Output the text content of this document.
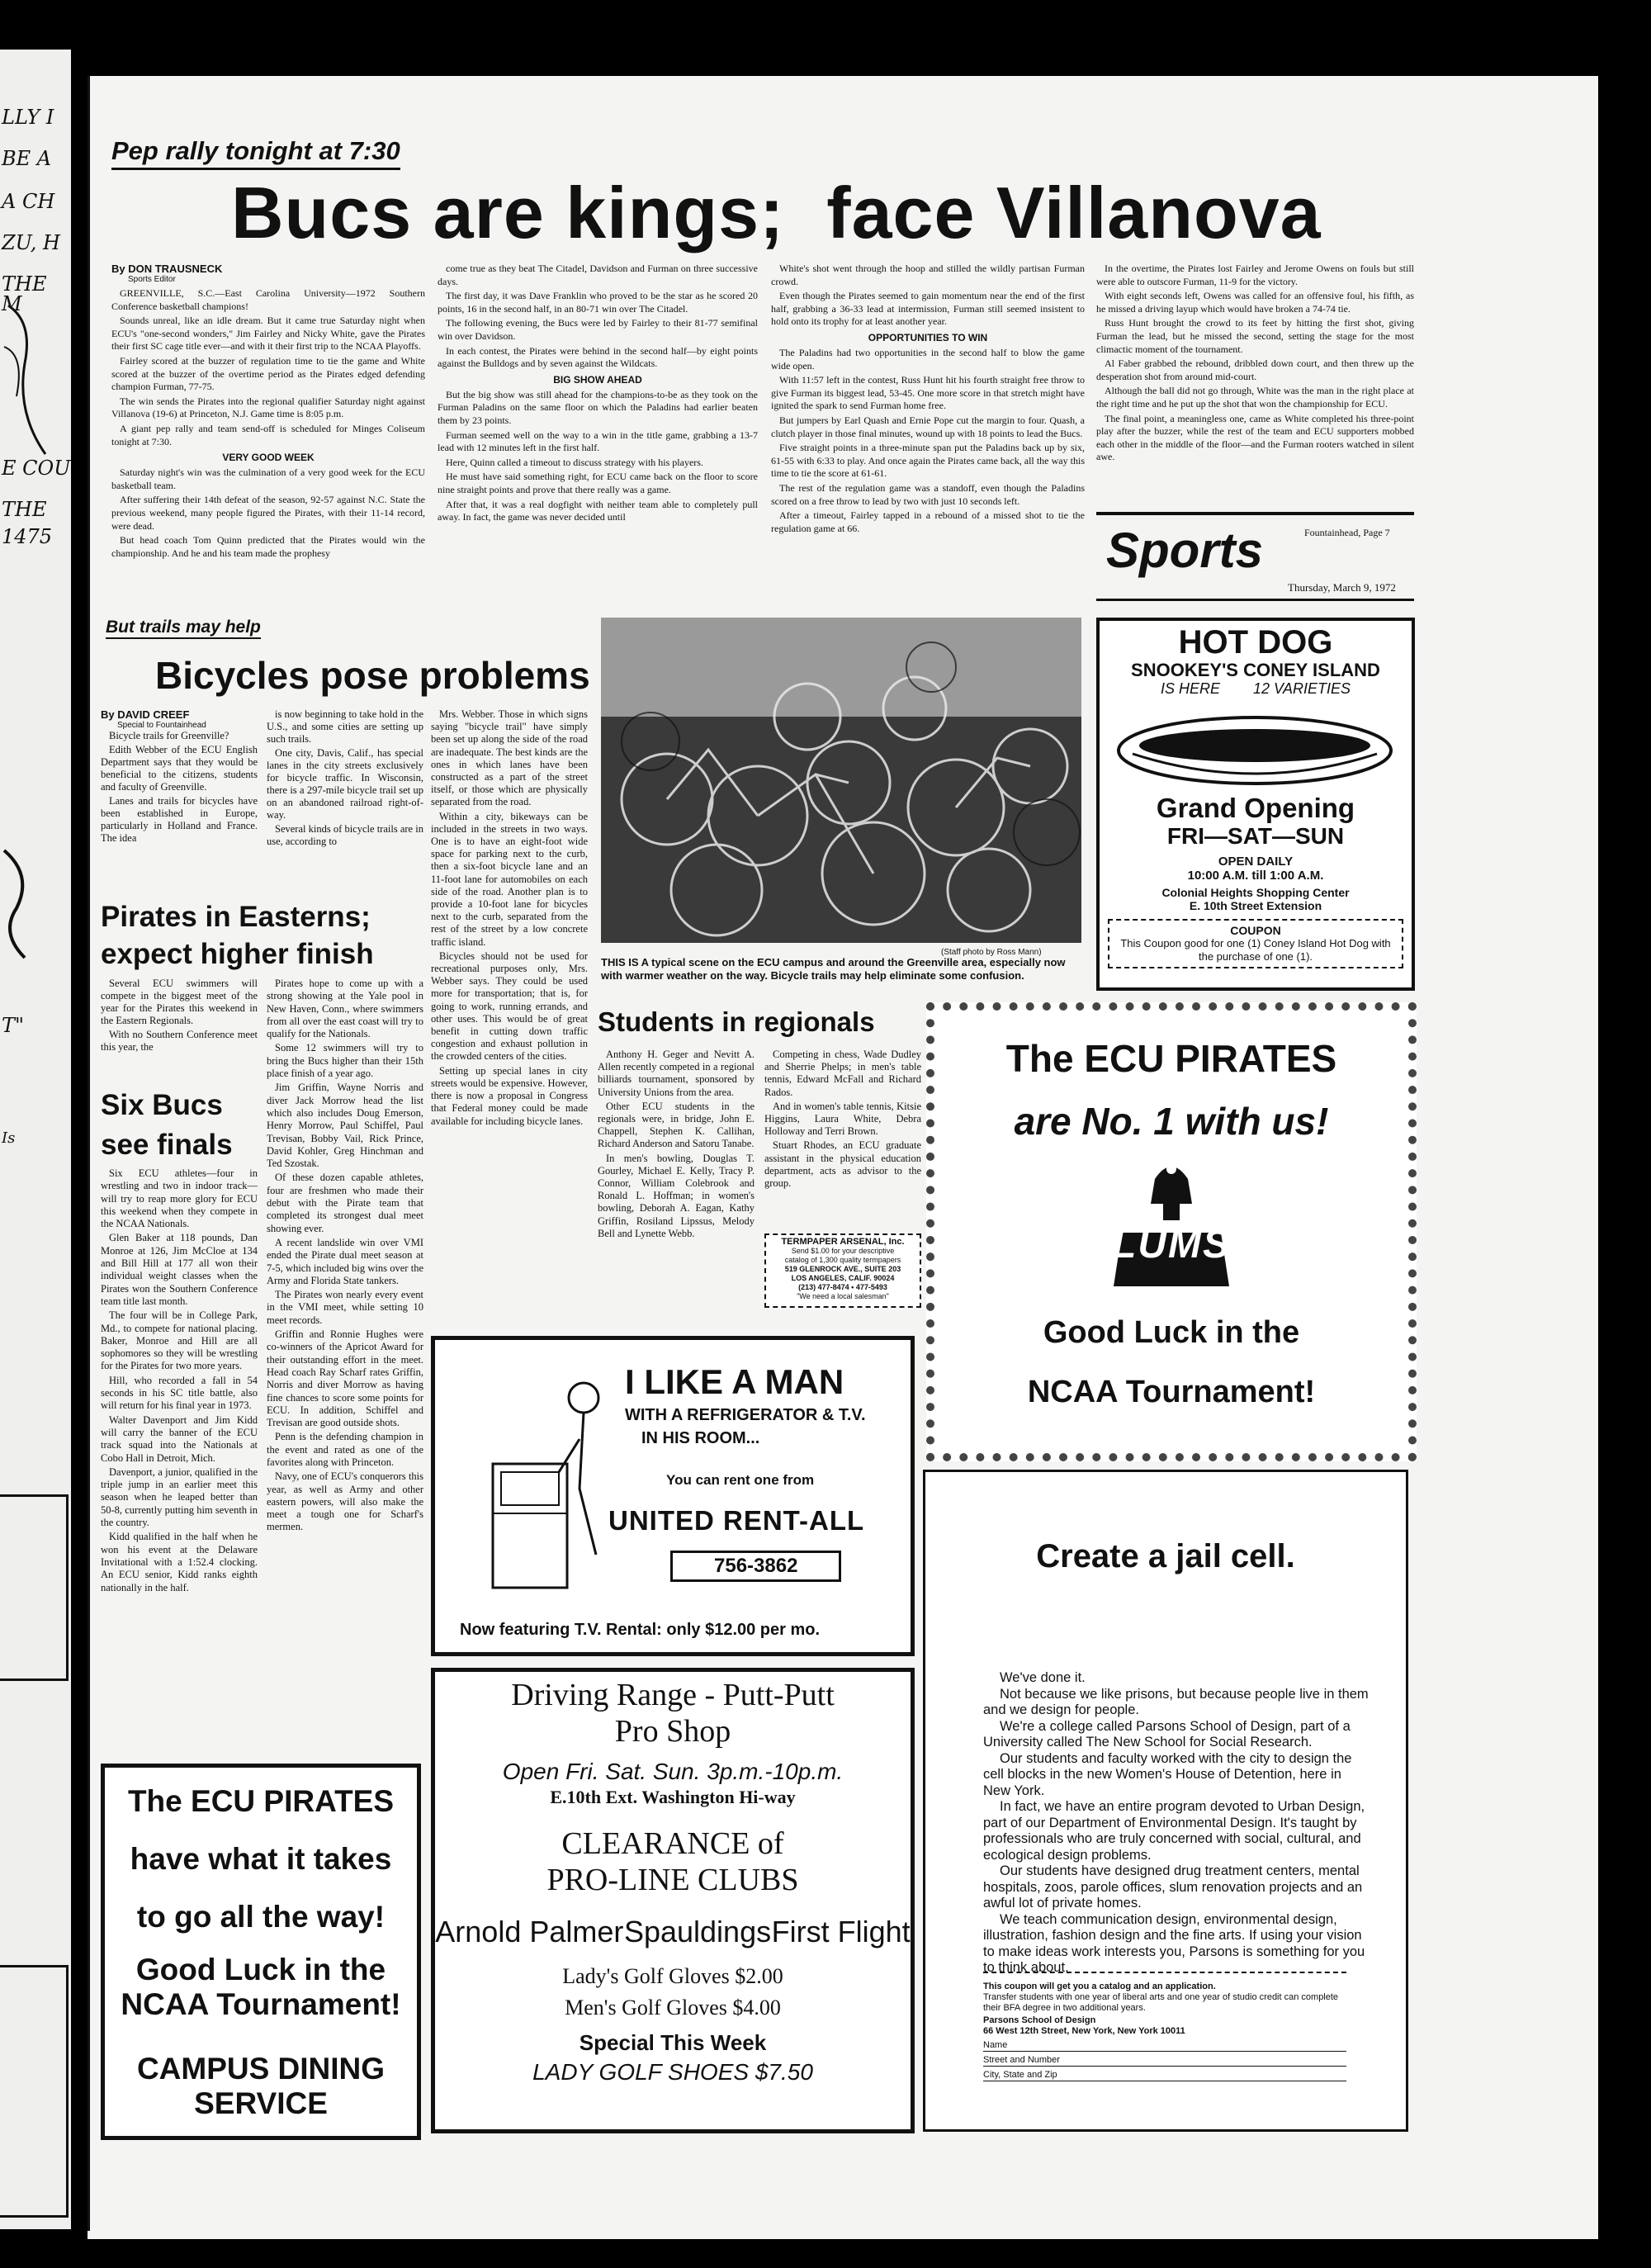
LLY I
BE A
A CH
ZU, H
THE M
E COU
THE
1475
T"
Is
Pep rally tonight at 7:30
Bucs are kings;  face Villanova
By DON TRAUSNECK
Sports Editor

GREENVILLE, S.C.—East Carolina University—1972 Southern Conference basketball champions!

Sounds unreal, like an idle dream. But it came true Saturday night when ECU's "one-second wonders," Jim Fairley and Nicky White, gave the Pirates their first SC cage title ever—and with it their first trip to the NCAA Playoffs.

Fairley scored at the buzzer of regulation time to tie the game and White scored at the buzzer of the overtime period as the Pirates edged defending champion Furman, 77-75.

The win sends the Pirates into the regional qualifier Saturday night against Villanova (19-6) at Princeton, N.J. Game time is 8:05 p.m.

A giant pep rally and team send-off is scheduled for Minges Coliseum tonight at 7:30.

VERY GOOD WEEK

Saturday night's win was the culmination of a very good week for the ECU basketball team.

After suffering their 14th defeat of the season, 92-57 against N.C. State the previous weekend, many people figured the Pirates, with their 11-14 record, were dead.

But head coach Tom Quinn predicted that the Pirates would win the championship. And he and his team made the prophesy

come true as they beat The Citadel, Davidson and Furman on three successive days.

The first day, it was Dave Franklin who proved to be the star as he scored 20 points, 16 in the second half, in an 80-71 win over The Citadel.

The following evening, the Bucs were led by Fairley to their 81-77 semifinal win over Davidson.

In each contest, the Pirates were behind in the second half—by eight points against the Bulldogs and by seven against the Wildcats.

BIG SHOW AHEAD

But the big show was still ahead for the champions-to-be as they took on the Furman Paladins on the same floor on which the Paladins had earlier beaten them by 23 points.

Furman seemed well on the way to a win in the title game, grabbing a 13-7 lead with 12 minutes left in the first half.

Here, Quinn called a timeout to discuss strategy with his players.

He must have said something right, for ECU came back on the floor to score nine straight points and prove that there really was a game.

After that, it was a real dogfight with neither team able to completely pull away. In fact, the game was never decided until

White's shot went through the hoop and stilled the wildly partisan Furman crowd.

Even though the Pirates seemed to gain momentum near the end of the first half, grabbing a 36-33 lead at intermission, Furman still seemed insistent to hold onto its trophy for at least another year.

OPPORTUNITIES TO WIN

The Paladins had two opportunities in the second half to blow the game wide open.

With 11:57 left in the contest, Russ Hunt hit his fourth straight free throw to give Furman its biggest lead, 53-45. One more score in that stretch might have ignited the spark to send Furman home free.

But jumpers by Earl Quash and Ernie Pope cut the margin to four. Quash, a clutch player in those final minutes, wound up with 18 points to lead the Bucs.

Five straight points in a three-minute span put the Paladins back up by six, 61-55 with 6:33 to play. And once again the Pirates came back, all the way this time to tie the score at 61-61.

The rest of the regulation game was a standoff, even though the Paladins scored on a free throw to lead by two with just 10 seconds left.

After a timeout, Fairley tapped in a rebound of a missed shot to tie the regulation game at 66.

In the overtime, the Pirates lost Fairley and Jerome Owens on fouls but still were able to outscore Furman, 11-9 for the victory.

With eight seconds left, Owens was called for an offensive foul, his fifth, as he missed a driving layup which would have broken a 74-74 tie.

Russ Hunt brought the crowd to its feet by hitting the first shot, giving Furman the lead, but he missed the second, setting the stage for the most climactic moment of the tournament.

Al Faber grabbed the rebound, dribbled down court, and then threw up the desperation shot from around mid-court.

Although the ball did not go through, White was the man in the right place at the right time and he put up the shot that won the championship for ECU.

The final point, a meaningless one, came as White completed his three-point play after the buzzer, while the rest of the team and ECU supporters mobbed each other in the middle of the floor—and the Furman rooters watched in silent awe.

Sports	Fountainhead, Page 7
Thursday, March 9, 1972
But trails may help
Bicycles pose problems
By DAVID CREEF
Special to Fountainhead

Bicycle trails for Greenville?

Edith Webber of the ECU English Department says that they would be beneficial to the citizens, students and faculty of Greenville.

Lanes and trails for bicycles have been established in Europe, particularly in Holland and France. The idea

is now beginning to take hold in the U.S., and some cities are setting up such trails.

One city, Davis, Calif., has special lanes in the city streets exclusively for bicycle traffic. In Wisconsin, there is a 297-mile bicycle trail set up on an abandoned railroad right-of-way.

Several kinds of bicycle trails are in use, according to

Mrs. Webber. Those in which signs saying "bicycle trail" have simply been set up along the side of the road are inadequate. The best kinds are the ones in which lanes have been constructed as a part of the street itself, or those which are physically separated from the road.

Within a city, bikeways can be included in the streets in two ways. One is to have an eight-foot wide space for parking next to the curb, then a six-foot bicycle lane and an 11-foot lane for automobiles on each side of the road. Another plan is to provide a 10-foot lane for bicycles next to the curb, separated from the rest of the street by a low concrete traffic island.

Bicycles should not be used for recreational purposes only, Mrs. Webber says. They could be used more for transportation; that is, for going to work, running errands, and other uses. This would be of great benefit in cutting down traffic congestion and exhaust pollution in the crowded centers of the cities.

Setting up special lanes in city streets would be expensive. However, there is now a proposal in Congress that Federal money could be made available for including bicycle lanes.

(Staff photo by Ross Mann)
THIS IS A typical scene on the ECU campus and around the Greenville area, especially now with warmer weather on the way. Bicycle trails may help eliminate some confusion.
Pirates in Easterns;
expect higher finish

Several ECU swimmers will compete in the biggest meet of the year for the Pirates this weekend in the Eastern Regionals.

With no Southern Conference meet this year, the

Pirates hope to come up with a strong showing at the Yale pool in New Haven, Conn., where swimmers from all over the east coast will try to qualify for the Nationals.

Some 12 swimmers will try to bring the Bucs higher than their 15th place finish of a year ago.

Jim Griffin, Wayne Norris and diver Jack Morrow head the list which also includes Doug Emerson, Henry Morrow, Paul Schiffel, Paul Trevisan, Bobby Vail, Rick Prince, David Kohler, Greg Hinchman and Ted Szostak.

Of these dozen capable athletes, four are freshmen who made their debut with the Pirate team that completed its strongest dual meet showing ever.

A recent landslide win over VMI ended the Pirate dual meet season at 7-5, which included big wins over the Army and Florida State tankers.

The Pirates won nearly every event in the VMI meet, while setting 10 meet records.

Griffin and Ronnie Hughes were co-winners of the Apricot Award for their outstanding effort in the meet. Head coach Ray Scharf rates Griffin, Norris and diver Morrow as having fine chances to score some points for ECU. In addition, Schiffel and Trevisan are good outside shots.

Penn is the defending champion in the event and rated as one of the favorites along with Princeton.

Navy, one of ECU's conquerors this year, as well as Army and other eastern powers, will also make the meet a tough one for Scharf's mermen.

Six Bucs
see finals

Six ECU athletes—four in wrestling and two in indoor track—will try to reap more glory for ECU this weekend when they compete in the NCAA Nationals.

Glen Baker at 118 pounds, Dan Monroe at 126, Jim McCloe at 134 and Bill Hill at 177 all won their individual weight classes when the Pirates won the Southern Conference team title last month.

The four will be in College Park, Md., to compete for national placing. Baker, Monroe and Hill are all sophomores so they will be wrestling for the Pirates for two more years.

Hill, who recorded a fall in 54 seconds in his SC title battle, also will return for his final year in 1973.

Walter Davenport and Jim Kidd will carry the banner of the ECU track squad into the Nationals at Cobo Hall in Detroit, Mich.

Davenport, a junior, qualified in the triple jump in an earlier meet this season when he leaped better than 50-8, currently putting him seventh in the country.

Kidd qualified in the half when he won his event at the Delaware Invitational with a 1:52.4 clocking. An ECU senior, Kidd ranks eighth nationally in the half.

Students in regionals

Anthony H. Geger and Nevitt A. Allen recently competed in a regional billiards tournament, sponsored by University Unions from the area.

Other ECU students in the regionals were, in bridge, John E. Chappell, Stephen K. Callihan, Richard Anderson and Satoru Tanabe.

In men's bowling, Douglas T. Gourley, Michael E. Kelly, Tracy P. Connor, William Colebrook and Ronald L. Hoffman; in women's bowling, Deborah A. Eagan, Kathy Griffin, Rosiland Lipssus, Melody Bell and Lynette Webb.

Competing in chess, Wade Dudley and Sherrie Phelps; in men's table tennis, Edward McFall and Richard Rados.

And in women's table tennis, Kitsie Higgins, Laura White, Debra Holloway and Terri Brown.

Stuart Rhodes, an ECU graduate assistant in the physical education department, acts as advisor to the group.

TERMPAPER ARSENAL, Inc.
Send $1.00 for your descriptive
catalog of 1,300 quality termpapers
519 GLENROCK AVE., SUITE 203
LOS ANGELES, CALIF. 90024
(213) 477-8474 • 477-5493
"We need a local salesman"
HOT DOG
SNOOKEY'S CONEY ISLAND
IS HERE 12 VARIETIES
Grand Opening
FRI—SAT—SUN
OPEN DAILY
10:00 A.M. till 1:00 A.M.
Colonial Heights Shopping Center
E. 10th Street Extension
COUPON
This Coupon good for one (1) Coney Island Hot Dog with the purchase of one (1).
The ECU PIRATES
are No. 1 with us!
LUMS
Good Luck in the
NCAA Tournament!
I LIKE A MAN
WITH A REFRIGERATOR & T.V.
IN HIS ROOM...
You can rent one from
UNITED RENT-ALL
756-3862
Now featuring T.V. Rental: only $12.00 per mo.
Driving Range - Putt-Putt
Pro Shop
Open Fri. Sat. Sun. 3p.m.-10p.m.
E.10th Ext. Washington Hi-way
CLEARANCE of
PRO-LINE CLUBS
Arnold Palmer Spauldings First Flight
Lady's Golf Gloves $2.00
Men's Golf Gloves $4.00
Special This Week
LADY GOLF SHOES $7.50
The ECU PIRATES
have what it takes
to go all the way!
Good Luck in the
NCAA Tournament!
CAMPUS DINING
SERVICE
Create a jail cell.

We've done it.

Not because we like prisons, but because people live in them and we design for people.

We're a college called Parsons School of Design, part of a University called The New School for Social Research.

Our students and faculty worked with the city to design the cell blocks in the new Women's House of Detention, here in New York.

In fact, we have an entire program devoted to Urban Design, part of our Department of Environmental Design. It's taught by professionals who are truly concerned with social, cultural, and ecological design problems.

Our students have designed drug treatment centers, mental hospitals, zoos, parole offices, slum renovation projects and an awful lot of private homes.

We teach communication design, environmental design, illustration, fashion design and the fine arts. If using your vision to make ideas work interests you, Parsons is something for you to think about.

This coupon will get you a catalog and an application.
Transfer students with one year of liberal arts and one year of studio credit can complete their BFA degree in two additional years.
Parsons School of Design
66 West 12th Street, New York, New York 10011
Name
Street and Number
City, State and Zip
